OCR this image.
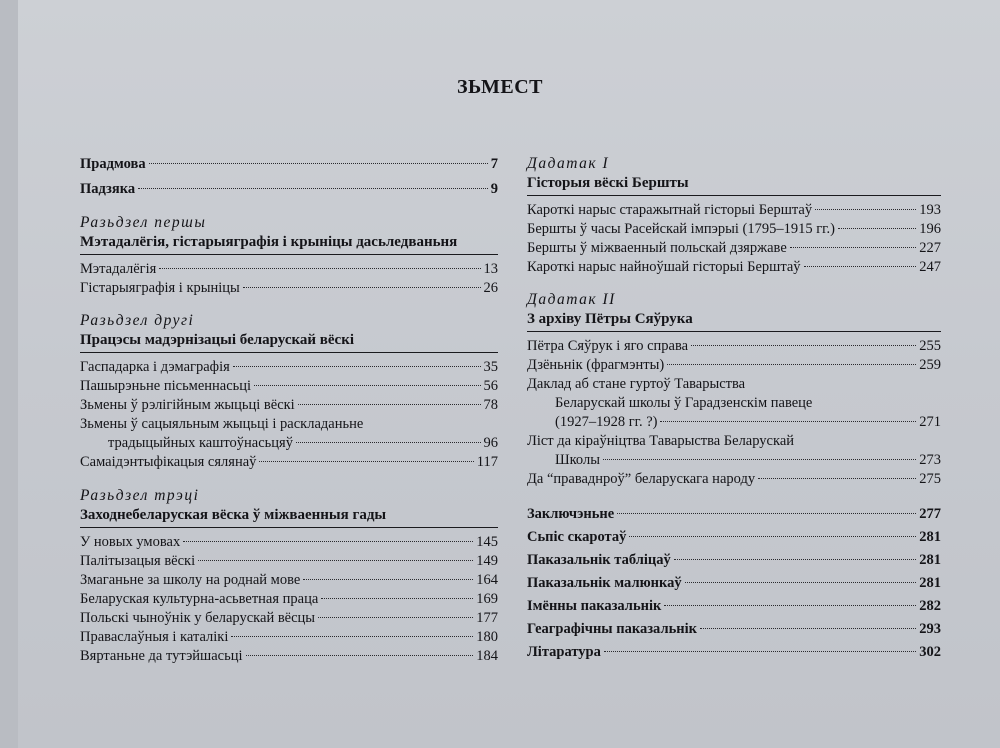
ЗЬМЕСТ
Прадмова	7
Падзяка	9
Разьдзел першы
Мэтадалёгія, гістарыяграфія і крыніцы дасьледваньня
Мэтадалёгія	13
Гістарыяграфія і крыніцы	26
Разьдзел другі
Працэсы мадэрнізацыі беларускай вёскі
Гаспадарка і дэмаграфія	35
Пашырэньне пісьменнасьці	56
Зьмены ў рэлігійным жыцьці вёскі	78
Зьмены ў сацыяльным жыцьці і раскладаньне
традыцыйных каштоўнасьцяў	96
Самаідэнтыфікацыя сялянаў	117
Разьдзел трэці
Заходнебеларуская вёска ў міжваенныя гады
У новых умовах	145
Палітызацыя вёскі	149
Змаганьне за школу на роднай мове	164
Беларуская культурна-асьветная праца	169
Польскі чыноўнік у беларускай вёсцы	177
Праваслаўныя і каталікі	180
Вяртаньне да тутэйшасьці	184
Дадатак І
Гісторыя вёскі Бершты
Кароткі нарыс старажытнай гісторыі Берштаў	193
Бершты ў часы Расейскай імпэрыі (1795–1915 гг.)	196
Бершты ў міжваенный польскай дзяржаве	227
Кароткі нарыс найноўшай гісторыі Берштаў	247
Дадатак ІІ
З архіву Пётры Сяўрука
Пётра Сяўрук і яго справа	255
Дзёньнік (фрагмэнты)	259
Даклад аб стане гуртоў Таварыства
Беларускай школы ў Гарадзенскім павеце
(1927–1928 гг. ?)	271
Ліст да кіраўніцтва Таварыства Беларускай
Школы	273
Да “праваднроў” беларускага народу	275
Заключэньне	277
Сьпіс скаротаў	281
Паказальнік табліцаў	281
Паказальнік малюнкаў	281
Імённы паказальнік	282
Геаграфічны паказальнік	293
Літаратура	302
